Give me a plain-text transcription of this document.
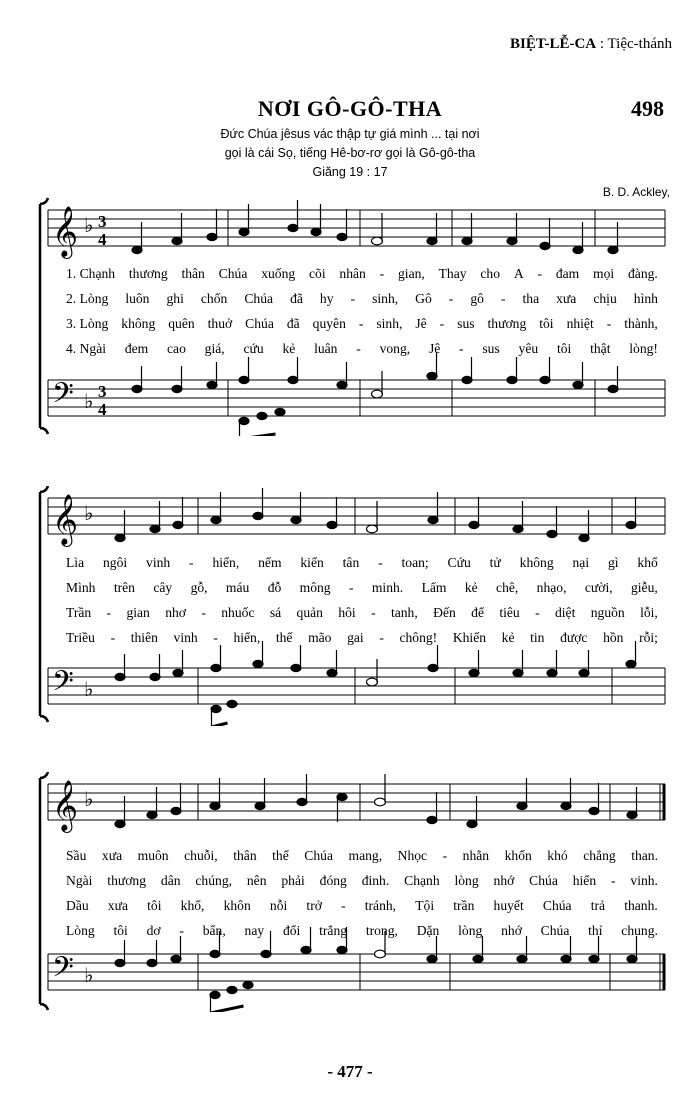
BIỆT-LỄ-CA : Tiệc-thánh
NƠI GÔ-GÔ-THA	498
Đức Chúa jêsus vác thập tự giá mình ... tại nơi
gọi là cái Sọ, tiếng Hê-bơ-rơ gọi là Gô-gô-tha
Giăng 19 : 17
B. D. Ackley,
𝄞 ♭ 3
4
𝄢 ♭ 3
4
1. Chạnh thương thân Chúa xuống cõi nhân - gian, Thay cho A - đam mọi đàng.
2. Lòng luôn ghi chốn Chúa đã hy - sinh, Gô - gô - tha xưa chịu hình
3. Lòng không quên thuở Chúa đã quyên - sinh, Jê - sus thương tôi nhiệt - thành,
4. Ngài đem cao giá, cứu kẻ luân - vong, Jê - sus yêu tôi thật lòng!
𝄞 ♭
𝄢 ♭
Lìa ngôi vinh - hiển, nếm kiển tân - toan; Cứu tử không nại gì khổ
Mình trên cây gỗ, máu đỗ mông - minh. Lấm kẻ chê, nhạo, cười, giễu,
Trần - gian nhơ - nhuốc sá quản hôi - tanh, Đến để tiêu - diệt nguồn lỗi,
Triều - thiên vinh - hiển, thế mão gai - chông! Khiến kẻ tin được hồn rỗi;
𝄞 ♭
𝄢 ♭
Sầu xưa muôn chuỗi, thân thể Chúa mang, Nhọc - nhằn khốn khó chẳng than.
Ngài thương dân chúng, nên phải đóng đinh. Chạnh lòng nhớ Chúa hiển - vinh.
Dầu xưa tôi khổ, khôn nỗi trở - tránh, Tội trần huyết Chúa trả thanh.
Lòng tôi dơ - bẩn, nay đổi trắng trong, Dặn lòng nhớ Chúa thỉ chung.
- 477 -
